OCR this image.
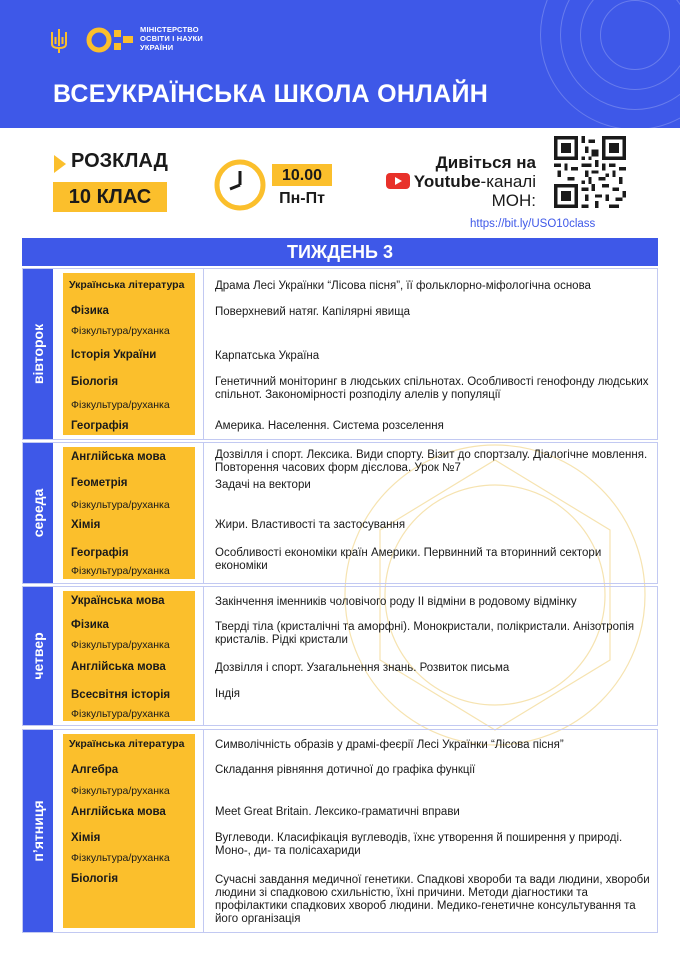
МІНІСТЕРСТВО ОСВІТИ І НАУКИ УКРАЇНИ
ВСЕУКРАЇНСЬКА ШКОЛА ОНЛАЙН
РОЗКЛАД
10 КЛАС
10.00
Пн-Пт
Дивіться на
Youtube-каналі
МОН:
https://bit.ly/USO10class
ТИЖДЕНЬ 3
вівторок
Українська література	Драма Лесі Українки “Лісова пісня”, її фольклорно-міфологічна основа
Фізика	Поверхневий натяг. Капілярні явища
Фізкультура/руханка
Історія України	Карпатська Україна
Біологія	Генетичний моніторинг в людських спільнотах. Особливості генофонду людських спільнот. Закономірності розподілу алелів у популяції
Фізкультура/руханка
Географія	Америка. Населення. Система розселення
середа
Англійська мова	Дозвілля і спорт. Лексика. Види спорту. Візит до спортзалу. Діалогічне мовлення. Повторення часових форм дієслова. Урок №7
Геометрія	Задачі на вектори
Фізкультура/руханка
Хімія	Жири. Властивості та застосування
Географія	Особливості економіки країн Америки. Первинний та вторинний сектори економіки
Фізкультура/руханка
четвер
Українська мова	Закінчення іменників чоловічого роду ІІ відміни в родовому відмінку
Фізика	Тверді тіла (кристалічні та аморфні). Монокристали, полікристали. Анізотропія кристалів. Рідкі кристали
Фізкультура/руханка
Англійська мова	Дозвілля і спорт. Узагальнення знань. Розвиток письма
Всесвітня історія	Індія
Фізкультура/руханка
пʼятниця
Українська література	Символічність образів у драмі-феєрії Лесі Українки “Лісова пісня”
Алгебра	Складання рівняння дотичної до графіка функції
Фізкультура/руханка
Англійська мова	Meet Great Britain. Лексико-граматичні вправи
Хімія	Вуглеводи. Класифікація вуглеводів, їхнє утворення й поширення у природі. Моно-, ди- та полісахариди
Фізкультура/руханка
Біологія	Сучасні завдання медичної генетики. Спадкові хвороби та вади людини, хвороби людини зі спадковою схильністю, їхні причини. Методи діагностики та профілактики спадкових хвороб людини. Медико-генетичне консультування та його організація
